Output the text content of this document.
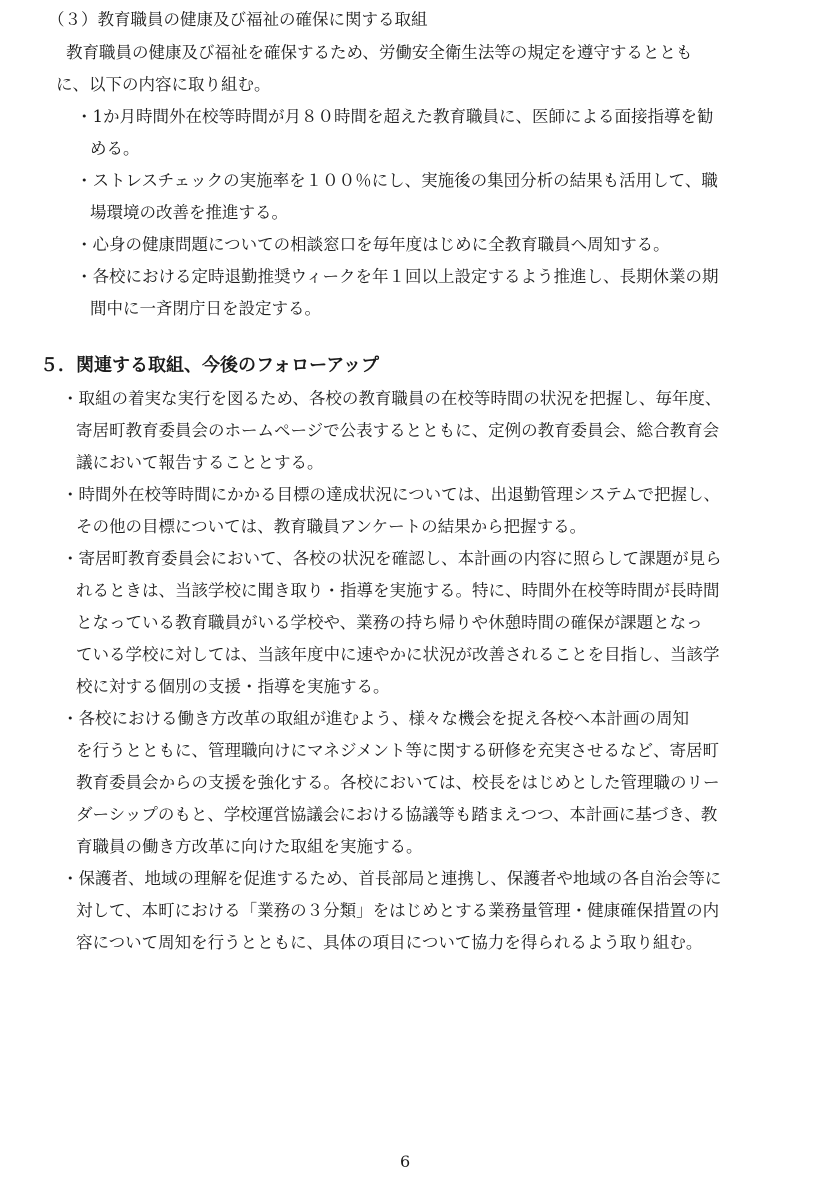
（３）教育職員の健康及び福祉の確保に関する取組
教育職員の健康及び福祉を確保するため、労働安全衛生法等の規定を遵守するととも
に、以下の内容に取り組む。
・1か月時間外在校等時間が月８０時間を超えた教育職員に、医師による面接指導を勧
める。
・ストレスチェックの実施率を１００％にし、実施後の集団分析の結果も活用して、職
場環境の改善を推進する。
・心身の健康問題についての相談窓口を毎年度はじめに全教育職員へ周知する。
・各校における定時退勤推奨ウィークを年１回以上設定するよう推進し、長期休業の期
間中に一斉閉庁日を設定する。
５．関連する取組、今後のフォローアップ
・取組の着実な実行を図るため、各校の教育職員の在校等時間の状況を把握し、毎年度、
寄居町教育委員会のホームページで公表するとともに、定例の教育委員会、総合教育会
議において報告することとする。
・時間外在校等時間にかかる目標の達成状況については、出退勤管理システムで把握し、
その他の目標については、教育職員アンケートの結果から把握する。
・寄居町教育委員会において、各校の状況を確認し、本計画の内容に照らして課題が見ら
れるときは、当該学校に聞き取り・指導を実施する。特に、時間外在校等時間が長時間
となっている教育職員がいる学校や、業務の持ち帰りや休憩時間の確保が課題となっ
ている学校に対しては、当該年度中に速やかに状況が改善されることを目指し、当該学
校に対する個別の支援・指導を実施する。
・各校における働き方改革の取組が進むよう、様々な機会を捉え各校へ本計画の周知
を行うとともに、管理職向けにマネジメント等に関する研修を充実させるなど、寄居町
教育委員会からの支援を強化する。各校においては、校長をはじめとした管理職のリー
ダーシップのもと、学校運営協議会における協議等も踏まえつつ、本計画に基づき、教
育職員の働き方改革に向けた取組を実施する。
・保護者、地域の理解を促進するため、首長部局と連携し、保護者や地域の各自治会等に
対して、本町における「業務の３分類」をはじめとする業務量管理・健康確保措置の内
容について周知を行うとともに、具体の項目について協力を得られるよう取り組む。
6
